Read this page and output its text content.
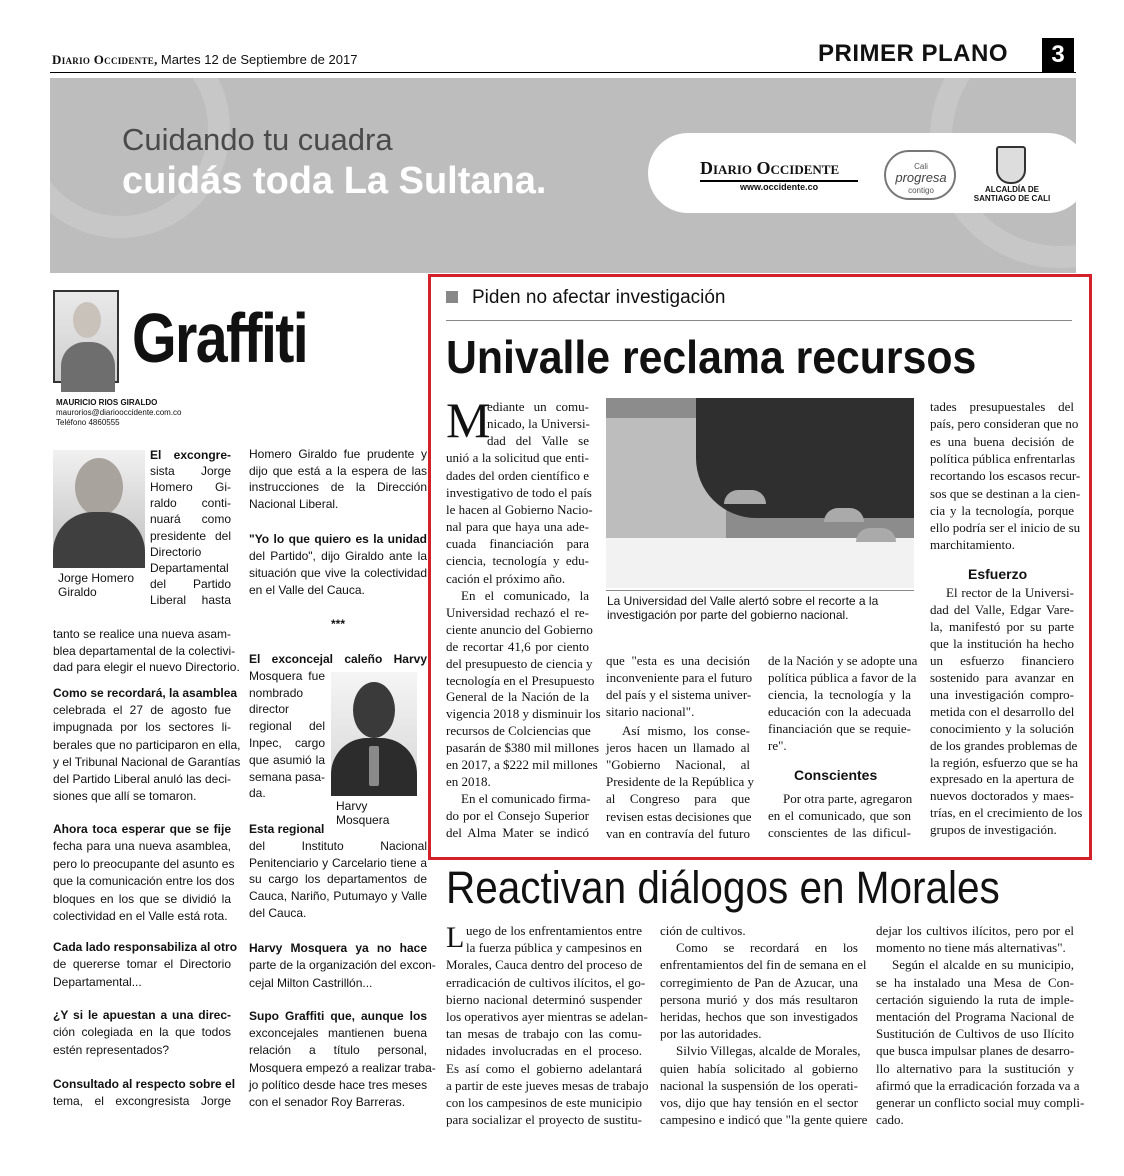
Diario Occidente, Martes 12 de Septiembre de 2017	PRIMER PLANO	3
Cuidando tu cuadra
cuidás toda La Sultana.	Diario Occidente
www.occidente.co
Cali
progresa
contigo	ALCALDÍA DE
SANTIAGO DE CALI
Graffiti
MAURICIO RIOS GIRALDO
maurorios@diariooccidente.com.co
Teléfono 4860555
Jorge Homero
Giraldo
Harvy
Mosquera
El excongre-
sista Jorge
Homero Gi-
raldo conti-
nuará como
presidente del
Directorio
Departamental
del Partido
Liberal hasta
tanto se realice una nueva asam-
blea departamental de la colectivi-
dad para elegir el nuevo Directorio.
Como se recordará, la asamblea
celebrada el 27 de agosto fue
impugnada por los sectores li-
berales que no participaron en ella,
y el Tribunal Nacional de Garantías
del Partido Liberal anuló las deci-
siones que allí se tomaron.
Ahora toca esperar que se fije
fecha para una nueva asamblea,
pero lo preocupante del asunto es
que la comunicación entre los dos
bloques en los que se dividió la
colectividad en el Valle está rota.
Cada lado responsabiliza al otro
de quererse tomar el Directorio
Departamental...
¿Y si le apuestan a una direc-
ción colegiada en la que todos
estén representados?
Consultado al respecto sobre el
tema, el excongresista Jorge
Homero Giraldo fue prudente y
dijo que está a la espera de las
instrucciones de la Dirección
Nacional Liberal.
"Yo lo que quiero es la unidad
del Partido", dijo Giraldo ante la
situación que vive la colectividad
en el Valle del Cauca.
***
El exconcejal caleño Harvy
Mosquera fue
nombrado
director
regional del
Inpec, cargo
que asumió la
semana pasa-
da.
Esta regional
del Instituto Nacional
Penitenciario y Carcelario tiene a
su cargo los departamentos de
Cauca, Nariño, Putumayo y Valle
del Cauca.
Harvy Mosquera ya no hace
parte de la organización del excon-
cejal Milton Castrillón...
Supo Graffiti que, aunque los
exconcejales mantienen buena
relación a título personal,
Mosquera empezó a realizar traba-
jo político desde hace tres meses
con el senador Roy Barreras.
Piden no afectar investigación
Univalle reclama recursos
La Universidad del Valle alertó sobre el recorte a la
investigación por parte del gobierno nacional.
M
Conscientes
Esfuerzo
ediante un comu-
nicado, la Universi-
dad del Valle se
unió a la solicitud que enti-
dades del orden científico e
investigativo de todo el país
le hacen al Gobierno Nacio-
nal para que haya una ade-
cuada financiación para
ciencia, tecnología y edu-
cación el próximo año.
En el comunicado, la
Universidad rechazó el re-
ciente anuncio del Gobierno
de recortar 41,6 por ciento
del presupuesto de ciencia y
tecnología en el Presupuesto
General de la Nación de la
vigencia 2018 y disminuir los
recursos de Colciencias que
pasarán de $380 mil millones
en 2017, a $222 mil millones
en 2018.
En el comunicado firma-
do por el Consejo Superior
del Alma Mater se indicó
que "esta es una decisión
inconveniente para el futuro
del país y el sistema univer-
sitario nacional".
Así mismo, los conse-
jeros hacen un llamado al
"Gobierno Nacional, al
Presidente de la República y
al Congreso para que
revisen estas decisiones que
van en contravía del futuro
de la Nación y se adopte una
política pública a favor de la
ciencia, la tecnología y la
educación con la adecuada
financiación que se requie-
re".
Por otra parte, agregaron
en el comunicado, que son
conscientes de las dificul-
tades presupuestales del
país, pero consideran que no
es una buena decisión de
política pública enfrentarlas
recortando los escasos recur-
sos que se destinan a la cien-
cia y la tecnología, porque
ello podría ser el inicio de su
marchitamiento.
El rector de la Universi-
dad del Valle, Edgar Vare-
la, manifestó por su parte
que la institución ha hecho
un esfuerzo financiero
sostenido para avanzar en
una investigación compro-
metida con el desarrollo del
conocimiento y la solución
de los grandes problemas de
la región, esfuerzo que se ha
expresado en la apertura de
nuevos doctorados y maes-
trías, en el crecimiento de los
grupos de investigación.
Reactivan diálogos en Morales
L uego de los enfrentamientos entre
la fuerza pública y campesinos en
Morales, Cauca dentro del proceso de
erradicación de cultivos ilícitos, el go-
bierno nacional determinó suspender
los operativos ayer mientras se adelan-
tan mesas de trabajo con las comu-
nidades involucradas en el proceso.
Es así como el gobierno adelantará
a partir de este jueves mesas de trabajo
con los campesinos de este municipio
para socializar el proyecto de sustitu-
ción de cultivos.
Como se recordará en los
enfrentamientos del fin de semana en el
corregimiento de Pan de Azucar, una
persona murió y dos más resultaron
heridas, hechos que son investigados
por las autoridades.
Silvio Villegas, alcalde de Morales,
quien había solicitado al gobierno
nacional la suspensión de los operati-
vos, dijo que hay tensión en el sector
campesino e indicó que "la gente quiere
dejar los cultivos ilícitos, pero por el
momento no tiene más alternativas".
Según el alcalde en su municipio,
se ha instalado una Mesa de Con-
certación siguiendo la ruta de imple-
mentación del Programa Nacional de
Sustitución de Cultivos de uso Ilícito
que busca impulsar planes de desarro-
llo alternativo para la sustitución y
afirmó que la erradicación forzada va a
generar un conflicto social muy compli-
cado.
